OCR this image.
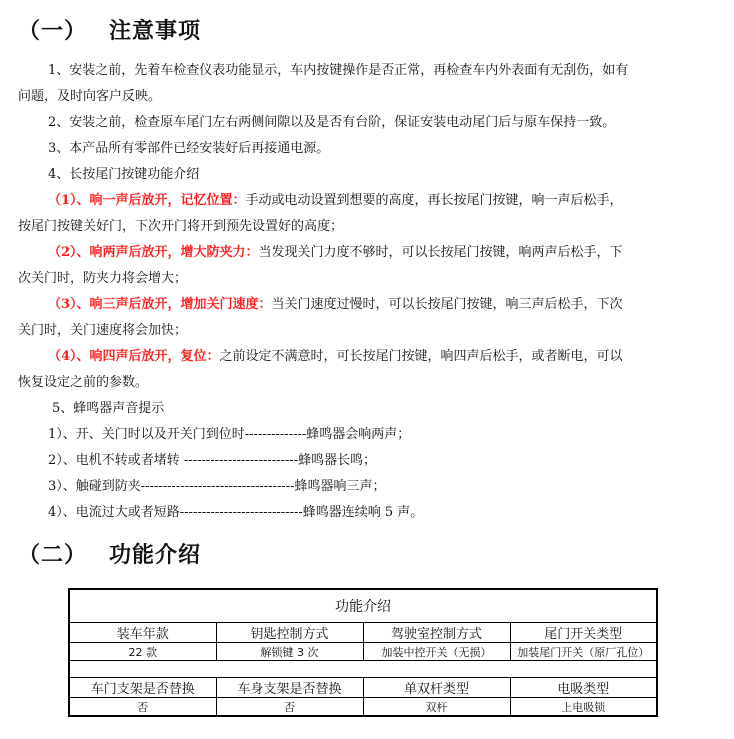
（一） 注意事项
1、安装之前，先着车检查仪表功能显示，车内按键操作是否正常，再检查车内外表面有无刮伤，如有
问题，及时向客户反映。
2、安装之前，检查原车尾门左右两侧间隙以及是否有台阶，保证安装电动尾门后与原车保持一致。
3、本产品所有零部件已经安装好后再接通电源。
4、长按尾门按键功能介绍
（1）、响一声后放开，记忆位置：手动或电动设置到想要的高度，再长按尾门按键，响一声后松手，
按尾门按键关好门，下次开门将开到预先设置好的高度；
（2）、响两声后放开，增大防夹力：当发现关门力度不够时，可以长按尾门按键，响两声后松手，下
次关门时，防夹力将会增大；
（3）、响三声后放开，增加关门速度：当关门速度过慢时，可以长按尾门按键，响三声后松手，下次
关门时，关门速度将会加快；
（4）、响四声后放开，复位：之前设定不满意时，可长按尾门按键，响四声后松手，或者断电，可以
恢复设定之前的参数。
5、蜂鸣器声音提示
1）、开、关门时以及开关门到位时--------------蜂鸣器会响两声；
2）、电机不转或者堵转 --------------------------蜂鸣器长鸣；
3）、触碰到防夹-----------------------------------蜂鸣器响三声；
4）、电流过大或者短路----------------------------蜂鸣器连续响 5 声。
（二） 功能介绍
功能介绍			
装车年款	钥匙控制方式	驾驶室控制方式	尾门开关类型
22 款	解锁键 3 次	加装中控开关（无损）	加装尾门开关（原厂孔位）

车门支架是否替换	车身支架是否替换	单双杆类型	电吸类型
否	否	双杆	上电吸锁
